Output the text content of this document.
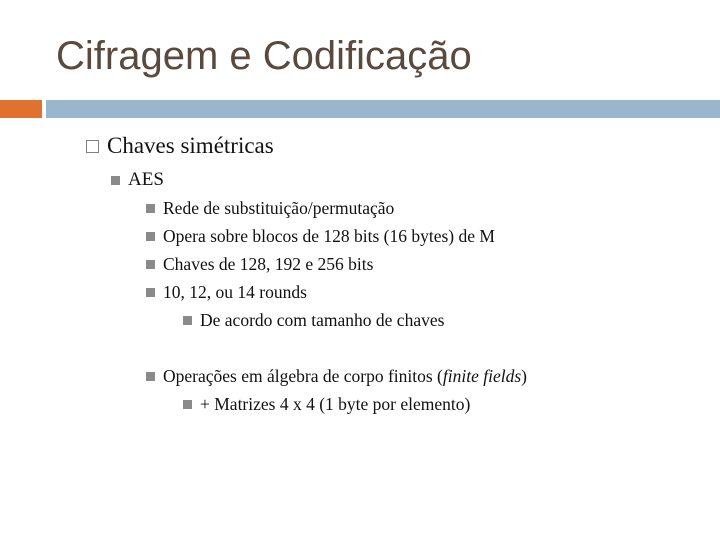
Cifragem e Codificação
Chaves simétricas
AES
Rede de substituição/permutação
Opera sobre blocos de 128 bits (16 bytes) de M
Chaves de 128, 192 e 256 bits
10, 12, ou 14 rounds
De acordo com tamanho de chaves
Operações em álgebra de corpo finitos (finite fields)
+ Matrizes 4 x 4 (1 byte por elemento)
